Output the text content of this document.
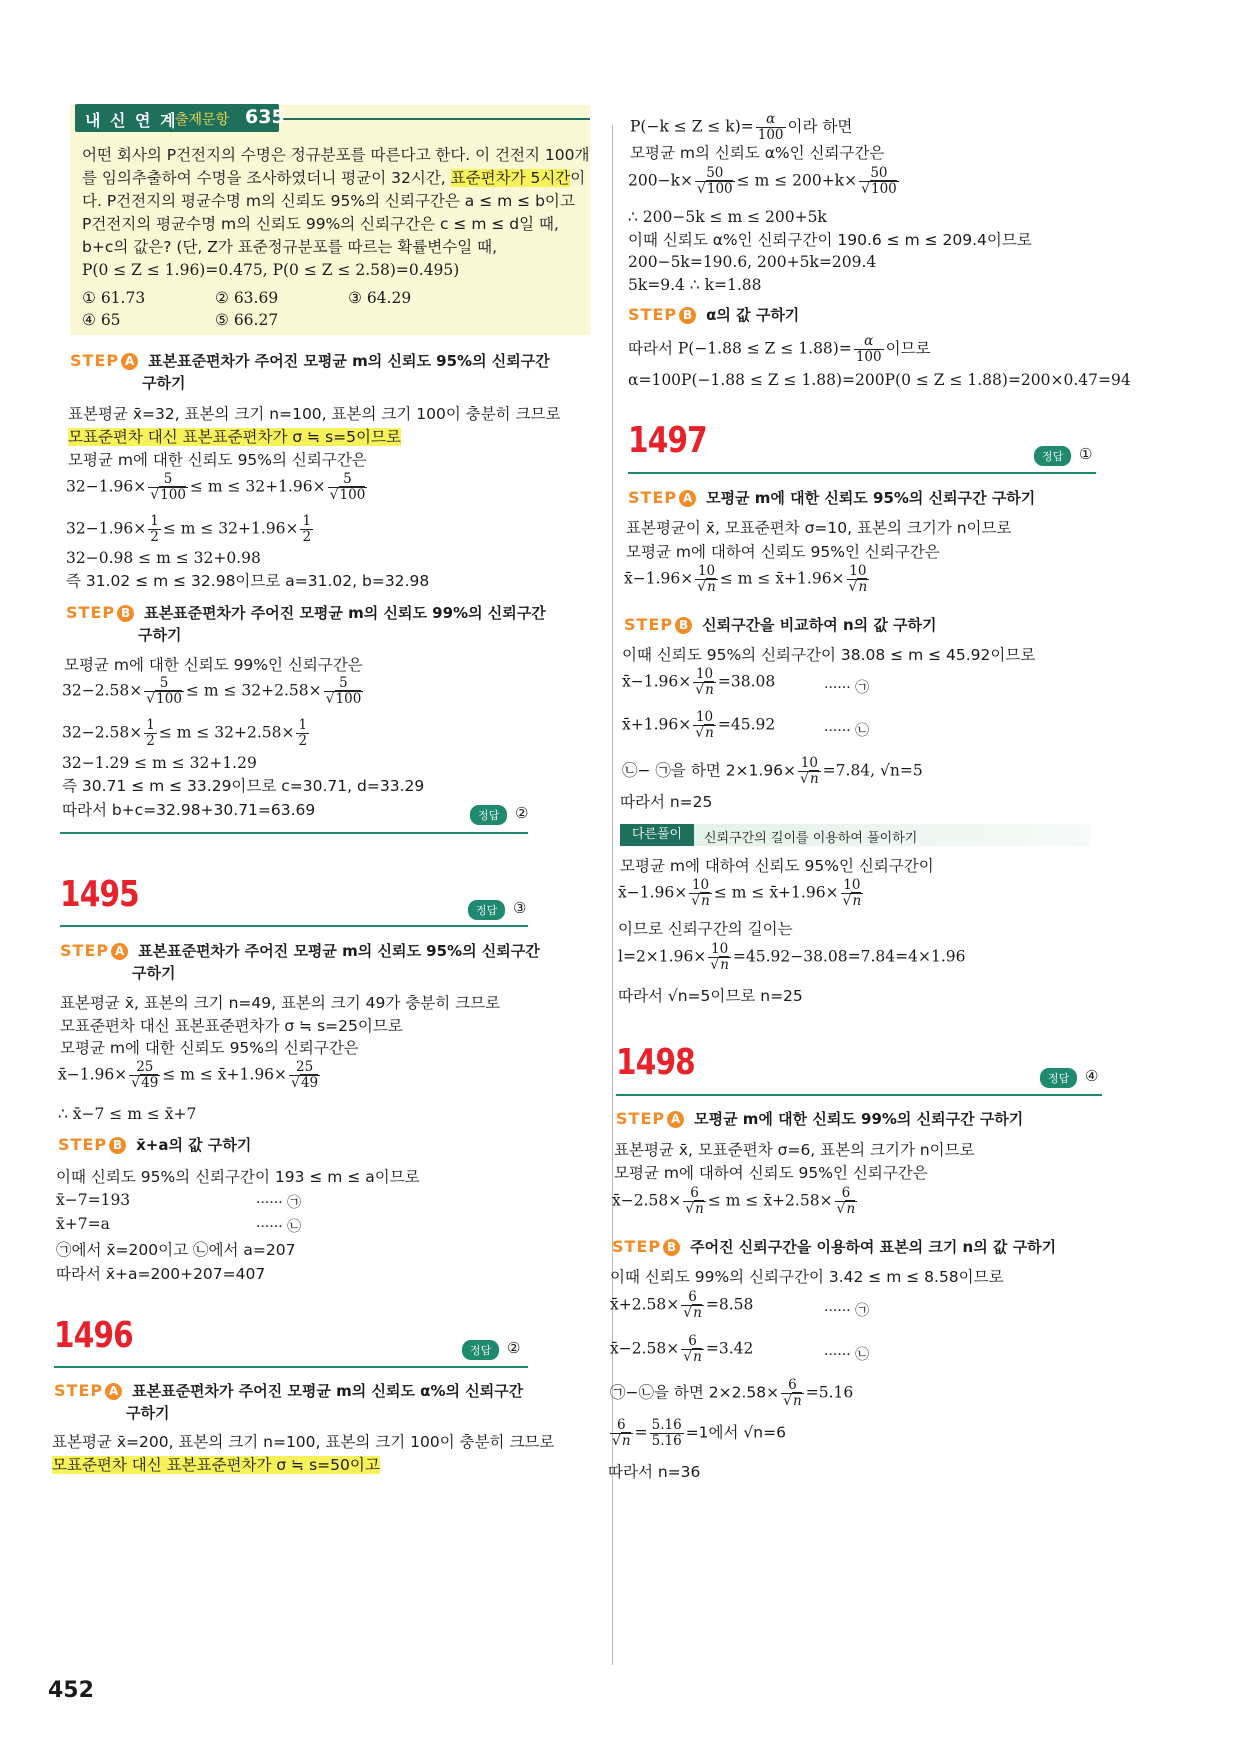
내 신 연 계
출제문항 635
어떤 회사의 P건전지의 수명은 정규분포를 따른다고 한다. 이 건전지 100개
를 임의추출하여 수명을 조사하였더니 평균이 32시간, 표준편차가 5시간이
다. P건전지의 평균수명 m의 신뢰도 95%의 신뢰구간은 a ≤ m ≤ b이고
P건전지의 평균수명 m의 신뢰도 99%의 신뢰구간은 c ≤ m ≤ d일 때,
b+c의 값은? (단, Z가 표준정규분포를 따르는 확률변수일 때,
P(0 ≤ Z ≤ 1.96)=0.475, P(0 ≤ Z ≤ 2.58)=0.495)
① 61.73	② 63.69	③ 64.29
④ 65	⑤ 66.27
STEP A 표본표준편차가 주어진 모평균 m의 신뢰도 95%의 신뢰구간
구하기
표본평균 x̄=32, 표본의 크기 n=100, 표본의 크기 100이 충분히 크므로
모표준편차 대신 표본표준편차가 σ ≒ s=5이므로
모평균 m에 대한 신뢰도 95%의 신뢰구간은
$32-1.96\times \frac{5}{√100} \le m \le 32+1.96\times \frac{5}{√100}$
$32-1.96\times \frac{1}{2} \le m \le 32+1.96\times \frac{1}{2}$
32−0.98 ≤ m ≤ 32+0.98
즉 31.02 ≤ m ≤ 32.98이므로 a=31.02, b=32.98
STEP B 표본표준편차가 주어진 모평균 m의 신뢰도 99%의 신뢰구간
구하기
모평균 m에 대한 신뢰도 99%인 신뢰구간은
$32-2.58\times \frac{5}{√100} \le m \le 32+2.58\times \frac{5}{√100}$
$32-2.58\times \frac{1}{2} \le m \le 32+2.58\times \frac{1}{2}$
32−1.29 ≤ m ≤ 32+1.29
즉 30.71 ≤ m ≤ 33.29이므로 c=30.71, d=33.29
따라서 b+c=32.98+30.71=63.69	정답	②
1495	정답	③
STEP A 표본표준편차가 주어진 모평균 m의 신뢰도 95%의 신뢰구간
구하기
표본평균 x̄, 표본의 크기 n=49, 표본의 크기 49가 충분히 크므로
모표준편차 대신 표본표준편차가 σ ≒ s=25이므로
모평균 m에 대한 신뢰도 95%의 신뢰구간은
x̄−1.96× $\frac{25}{√49} \le m$ ≤ x̄+1.96× $\frac{25}{√49}$
∴ x̄−7 ≤ m ≤ x̄+7
STEP B x̄+a의 값 구하기
이때 신뢰도 95%의 신뢰구간이 193 ≤ m ≤ a이므로
x̄−7=193	······ ㉠
x̄+7=a	······ ㉡
㉠에서 x̄=200이고 ㉡에서 a=207
따라서 x̄+a=200+207=407
1496	정답	②
STEP A 표본표준편차가 주어진 모평균 m의 신뢰도 α%의 신뢰구간
구하기
표본평균 x̄=200, 표본의 크기 n=100, 표본의 크기 100이 충분히 크므로
모표준편차 대신 표본표준편차가 σ ≒ s=50이고
452
$P(-k \le Z \le k)= \frac{\alpha}{100}$ 이라 하면
모평균 m의 신뢰도 α%인 신뢰구간은
$200-k\times \frac{50}{√100} \le m \le 200+k\times \frac{50}{√100}$
∴ 200−5k ≤ m ≤ 200+5k
이때 신뢰도 α%인 신뢰구간이 190.6 ≤ m ≤ 209.4이므로
200−5k=190.6, 200+5k=209.4
5k=9.4 ∴ k=1.88
STEP B α의 값 구하기
따라서 $P(-1.88 \le Z \le 1.88)= \frac{\alpha}{100}$ 이므로
α=100P(−1.88 ≤ Z ≤ 1.88)=200P(0 ≤ Z ≤ 1.88)=200×0.47=94
1497	정답	①
STEP A 모평균 m에 대한 신뢰도 95%의 신뢰구간 구하기
표본평균이 x̄, 모표준편차 σ=10, 표본의 크기가 n이므로
모평균 m에 대하여 신뢰도 95%인 신뢰구간은
x̄−1.96× $\frac{10}{√n} \le m$ ≤ x̄+1.96× $\frac{10}{√n}$
STEP B 신뢰구간을 비교하여 n의 값 구하기
이때 신뢰도 95%의 신뢰구간이 38.08 ≤ m ≤ 45.92이므로
x̄−1.96× $\frac{10}{√n} =38.08$	······ ㉠
x̄+1.96× $\frac{10}{√n} =45.92$	······ ㉡
㉡− ㉠을 하면 $2\times 1.96\times \frac{10}{√n} =7.84$, √n=5
따라서 n=25
다른풀이	신뢰구간의 길이를 이용하여 풀이하기
모평균 m에 대하여 신뢰도 95%인 신뢰구간이
x̄−1.96× $\frac{10}{√n} \le m$ ≤ x̄+1.96× $\frac{10}{√n}$
이므로 신뢰구간의 길이는
$l=2\times 1.96\times \frac{10}{√n} =45.92-38.08=7.84=4\times 1.96$
따라서 √n=5이므로 n=25
1498	정답	④
STEP A 모평균 m에 대한 신뢰도 99%의 신뢰구간 구하기
표본평균 x̄, 모표준편차 σ=6, 표본의 크기가 n이므로
모평균 m에 대하여 신뢰도 95%인 신뢰구간은
x̄−2.58× $\frac{6}{√n} \le m$ ≤ x̄+2.58× $\frac{6}{√n}$
STEP B 주어진 신뢰구간을 이용하여 표본의 크기 n의 값 구하기
이때 신뢰도 99%의 신뢰구간이 3.42 ≤ m ≤ 8.58이므로
x̄+2.58× $\frac{6}{√n} =8.58$	······ ㉠
x̄−2.58× $\frac{6}{√n} =3.42$	······ ㉡
㉠−㉡을 하면 $2\times 2.58\times \frac{6}{√n} =5.16$
$\frac{6}{√n} = \frac{5.16}{5.16} =1$에서 √n=6
따라서 n=36
